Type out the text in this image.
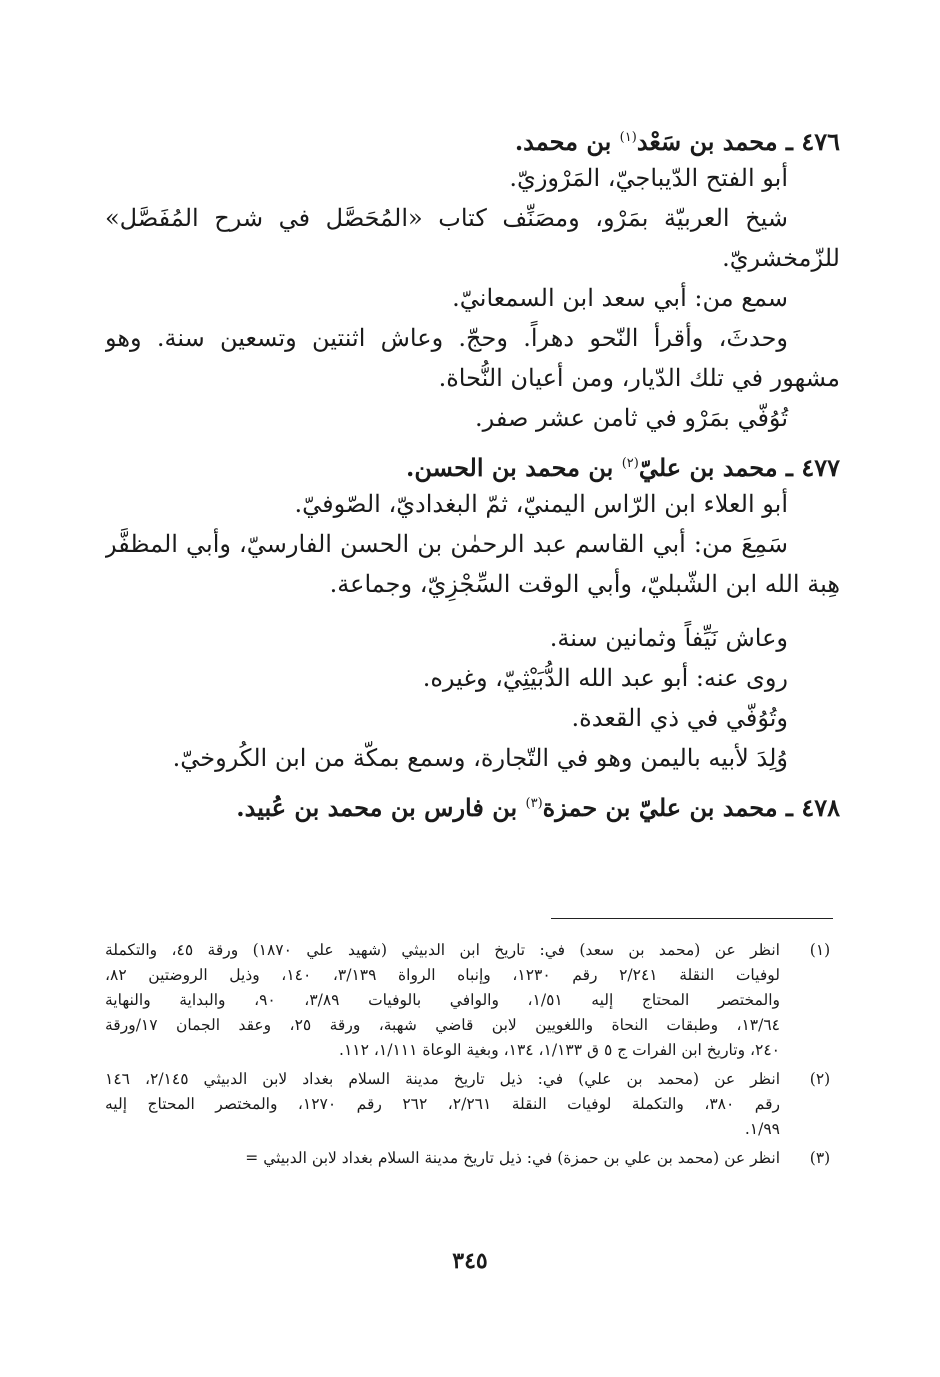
٤٧٦ ـ محمد بن سَعْد$^{(١)}$ بن محمد.
أبو الفتح الدّيباجيّ، المَرْوزيّ.
شيخ العربيّة بمَرْو، ومصَنِّف كتاب «المُحَصَّل في شرح المُفَصَّل»
للزّمخشريّ.
سمع من: أبي سعد ابن السمعانيّ.
وحدثَ، وأقرأ النّحو دهراً. وحجّ. وعاش اثنتين وتسعين سنة. وهو
مشهور في تلك الدّيار، ومن أعيان النُّحاة.
تُوُفّي بمَرْو في ثامن عشر صفر.
٤٧٧ ـ محمد بن عليّ$^{(٢)}$ بن محمد بن الحسن.
أبو العلاء ابن الرّاس اليمنيّ، ثمّ البغداديّ، الصّوفيّ.
سَمِعَ من: أبي القاسم عبد الرحمٰن بن الحسن الفارسيّ، وأبي المظفَّر
هِبة الله ابن الشّبليّ، وأبي الوقت السِّجْزِيّ، وجماعة.
وعاش نَيِّفاً وثمانين سنة.
روى عنه: أبو عبد الله الدُّبَيْثِيّ، وغيره.
وتُوُفّي في ذي القعدة.
وُلِدَ لأبيه باليمن وهو في التّجارة، وسمع بمكّة من ابن الكُروخيّ.
٤٧٨ ـ محمد بن عليّ بن حمزة$^{(٣)}$ بن فارس بن محمد بن عُبيد.
(١)
انظر عن (محمد بن سعد) في: تاريخ ابن الدبيثي (شهيد علي ١٨٧٠) ورقة ٤٥، والتكملة
لوفيات النقلة ٢/٢٤١ رقم ١٢٣٠، وإنباه الرواة ٣/١٣٩، ١٤٠، وذيل الروضتين ٨٢،
والمختصر المحتاج إليه ١/٥١، والوافي بالوفيات ٣/٨٩، ٩٠، والبداية والنهاية
١٣/٦٤، وطبقات النحاة واللغويين لابن قاضي شهبة، ورقة ٢٥، وعقد الجمان ١٧/ورقة
٢٤٠، وتاريخ ابن الفرات ج ٥ ق ١/١٣٣، ١٣٤، وبغية الوعاة ١/١١١، ١١٢.
(٢)
انظر عن (محمد بن علي) في: ذيل تاريخ مدينة السلام بغداد لابن الدبيثي ٢/١٤٥، ١٤٦
رقم ٣٨٠، والتكملة لوفيات النقلة ٢/٢٦١، ٢٦٢ رقم ١٢٧٠، والمختصر المحتاج إليه
١/٩٩.
(٣)
انظر عن (محمد بن علي بن حمزة) في: ذيل تاريخ مدينة السلام بغداد لابن الدبيثي =
٣٤٥
